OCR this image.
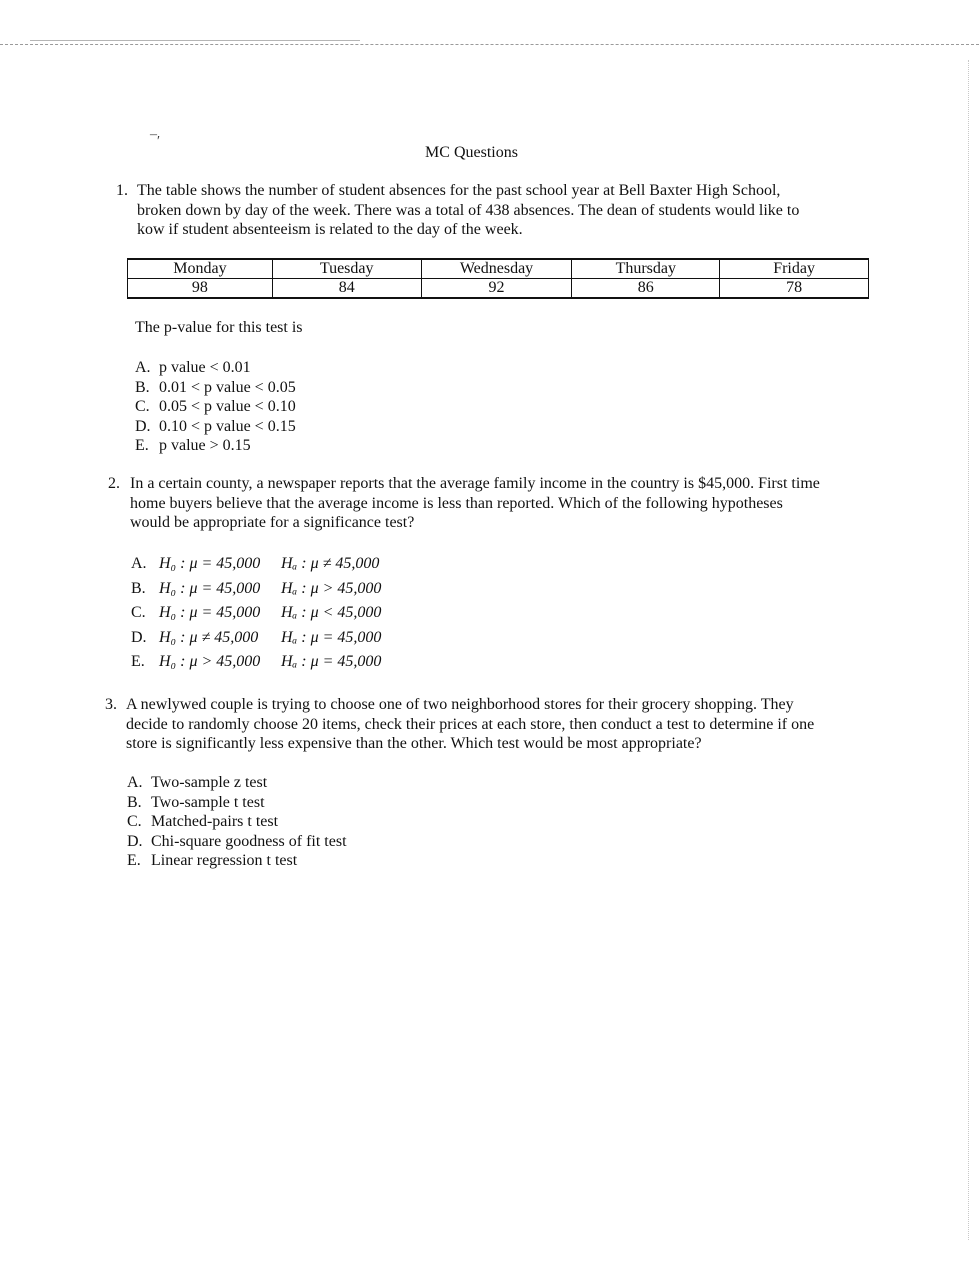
¯′
MC Questions
1. The table shows the number of student absences for the past school year at Bell Baxter High School,

broken down by day of the week. There was a total of 438 absences. The dean of students would like to

kow if student absenteeism is related to the day of the week.

Monday	Tuesday	Wednesday	Thursday	Friday
98	84	92	86	78
The p-value for this test is
A. p value < 0.01
B. 0.01 < p value < 0.05
C. 0.05 < p value < 0.10
D. 0.10 < p value < 0.15
E. p value > 0.15
2. In a certain county, a newspaper reports that the average family income in the country is $45,000. First time

home buyers believe that the average income is less than reported. Which of the following hypotheses

would be appropriate for a significance test?

A. H₀ : μ = 45,000 Hₐ : μ ≠ 45,000
B. H₀ : μ = 45,000 Hₐ : μ > 45,000
C. H₀ : μ = 45,000 Hₐ : μ < 45,000
D. H₀ : μ ≠ 45,000 Hₐ : μ = 45,000
E. H₀ : μ > 45,000 Hₐ : μ = 45,000
3. A newlywed couple is trying to choose one of two neighborhood stores for their grocery shopping. They

decide to randomly choose 20 items, check their prices at each store, then conduct a test to determine if one

store is significantly less expensive than the other. Which test would be most appropriate?

A. Two-sample z test
B. Two-sample t test
C. Matched-pairs t test
D. Chi-square goodness of fit test
E. Linear regression t test
